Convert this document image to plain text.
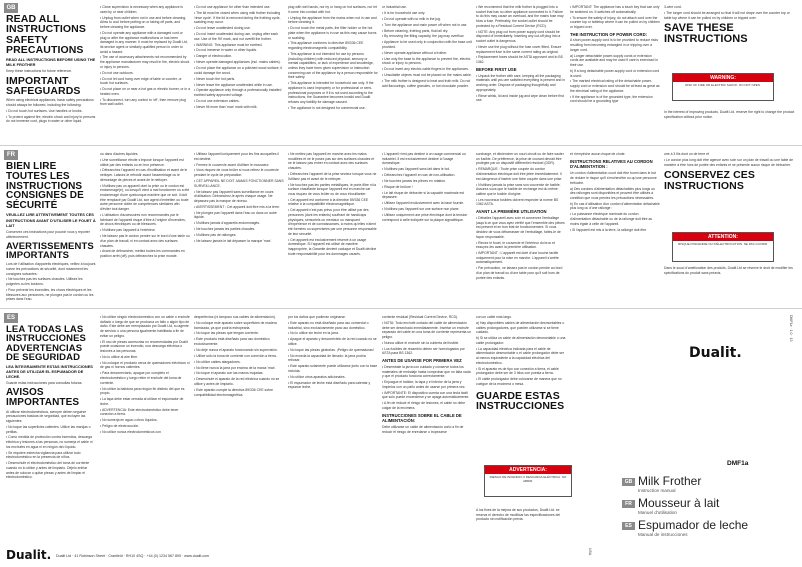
GB
FR
ES
READ ALL
INSTRUCTIONS
SAFETY
PRECAUTIONS
READ ALL INSTRUCTIONS BEFORE USING THE MILK FROTHER

Keep these instructions for future reference.

IMPORTANT
SAFEGUARDS

When using electrical appliances, basic safety precautions should always be followed, including the following:

• Do not touch hot surfaces. Use handles or knobs.

• To protect against fire, electric shock and injury to persons do not immerse cord, plugs in water or other liquid.

• Close supervision is necessary when any appliance is used by or near children.

• Unplug from outlet when not in use and before cleaning. Allow to cool before putting on or taking off parts, and before cleaning the appliance.

• Do not operate any appliance with a damaged cord or plug or after the appliance malfunctions or has been damaged in any manner. It must be replaced by Dualit Ltd, its service agent or similarly qualified person in order to avoid a hazard.

• The use of accessory attachments not recommended by the appliance manufacturer may result in fire, electric shock or injury to persons.

• Do not use outdoors.

• Do not let cord hang over edge of table or counter, or touch hot surfaces.

• Do not place on or near a hot gas or electric burner, or in a heated oven.

• To disconnect, turn any control to 'off', then remove plug from wall outlet.

• Do not use appliance for other than intended use.

• The lid must be closed when using milk frother including 'rinse cycle'. If the lid is removed during the frothing cycle, scalding may occur.

• Do not leave unattended during use.

• Do not insert unattended during use, unplug after each use. Use of the 'fill' mark, and not overfill the frother.

• WARNING: This appliance must be earthed.

• Do not immerse in water or other liquids.

• Danger of electrocution.

• Never operate damaged appliances (incl. mains cables).

• Do not place the appliance on a polished wood surface; it could damage the wood.

• Never touch the hot parts.

• Never leave the appliance unattended while in use.

• Operate appliance only through a professionally installed earthed safety approved voltage.

• Do not use extension cables.

• Never fill more than 'max' mark with milk.

plug with wet hands, nor by or hang on hot surfaces, nor let it come into contact with hot.

• Unplug the appliance from the mains when not in use and before cleaning it.

• Do not touch the metal parts, the filter holder or the hot plate when the appliance is in use as this may cause burns or scalding.

• This appliance conforms to directive 89/336 CEE regarding electromagnetic compatibility.

• This appliance is not intended for use by persons (including children) with reduced physical, sensory or mental capabilities, or lack of experience and knowledge, unless they have been given supervision or instruction concerning use of the appliance by a person responsible for their safety.

• This appliance is intended for household use only. If the appliance is used improperly or for professional or semi-professional purposes or if it is not used according to the instructions, the Guarantee becomes invalid and Dualit refuses any liability for damage caused.

• The appliance is not designed for commercial use.

or industrial use.

• It is for household use only.

• Do not operate with no milk in the jug.

• Turn the appliance and main power off when not in use.

• Before cleaning, frothing parts, fluid all dry.

• By removing the filling capacity, the jug may overflow.

• Appliance to be used only in conjunction with the base unit provided.

• Never operate appliance without a frother.

• Use only the base to the appliance to prevent fire, electric shock or injury to persons.

• Do not invert any electric cable fingers in the appliances.

• Unsuitable objects must not be placed on the mains cable.

• The milk frother is designed to heat and froth milk. Do not add flavourings, coffee granules, or hot chocolate powder.

• We recommend that the milk frother is plugged into a socket that has no other appliance connected to it. Failure to do this may cause an overload, and the mains fuse may blow a fuse. Preferably, the socket outlet should be protected by a Residual Current Device (RCD).

• NOTE: Any plug cut from power supply cord should be disposed of immediately. Inserting any cut-off plug into a socket outlet is dangerous.

• Never use the plug without the fuse cover fitted. Ensure replacement fuse is the same current rating as original.

• Replacement fuses should be ASTA approved and to BS 1362.

BEFORE FIRST USE

• Unpack the frother with care, keeping all the packaging materials until you are satisfied everything is present and in working order. Dispose of packaging thoughtfully and appropriately.

• Rinse whisk, lid and inside jug and wipe clean before first use.

• IMPORTANT: The appliance has a touch key that can only be switched on. It switches off automatically.

• To ensure the safety of injury, do not attach cord over the counter top or tabletop where it can be pulled on by children or tripped over.

THE INSTRUCTION OF POWER CORD:

A short power-supply cord is to be provided to reduce risks resulting from becoming entangled in or tripping over a longer cord.

a) Longer detachable power-supply cords or extension cords are available and may be used if care is exercised in their use.

b) If a long detachable power-supply cord or extension cord is used:

• The marked electrical rating of the detachable power-supply cord or extension cord should be at least as great as the electrical rating of the appliance.

• If the appliance is of the grounded type, the extension cord should be a grounding type

3-wire cord.

• The longer cord should be arranged so that it will not drape over the counter top or table top where it can be pulled on by children or tripped over.

SAVE THESE
INSTRUCTIONS
WARNING:
RISK OF FIRE OR ELECTRIC SHOCK. DO NOT OPEN.

In the interest of improving products, Dualit Ltd. reserve the right to change the product specification without prior notice.

BIEN LIRE
TOUTES LES
INSTRUCTIONS
CONSIGNES DE
SÉCURITÉ
VEUILLEZ LIRE ATTENTIVEMENT TOUTES CES INSTRUCTIONS AVANT D'UTILISER LE FOUET À LAIT

Conservez ces instructions pour pouvoir vous y reporter ultérieurement.

AVERTISSEMENTS
IMPORTANTS

Lors de l'utilisation d'appareils électriques, veillez à toujours suivre les précautions de sécurité, dont notamment les consignes suivantes :

• Ne touchez pas les surfaces chaudes. Utilisez les poignées ou les boutons.

• Pour prévenir les incendies, les chocs électriques et les blessures aux personnes, ne plongez pas le cordon ou les prises dans l'eau.

ou dans d'autres liquides.

• Une surveillance étroite s'impose lorsque l'appareil est utilisé par des enfants ou en leur présence.

• Débranchez l'appareil en cas d'inutilisation et avant de le nettoyer. Laissez-le refroidir avant l'assemblage ou le démontage de pièces et avant de le nettoyer.

• N'utilisez pas un appareil dont la prise ou le cordon est endommagé(e), ou lorsqu'il vient à mal fonctionner ou a été endommagé d'une quelconque manière que ce soit. Il doit être remplacé par Dualit Ltd, son agent d'entretien ou toute autre personne dotée de compétences similaires afin d'éviter tout danger.

• L'utilisation d'accessoires non recommandés par le fabricant de l'appareil risque d'être à l'origine d'incendies, de chocs électriques ou de blessures.

• N'utilisez pas l'appareil à l'extérieur.

• Ne laissez pas le cordon pendre sur le bord d'une table ou d'un plan de travail, ni en contact avec des surfaces chaudes.

• Avant de débrancher, mettez toutes les commandes en position arrêt (off), puis débranchez la prise murale.

• Utilisez l'appareil uniquement pour les fins auxquelles il est destiné.

• Fermez le couvercle avant d'utiliser le mousseur.

• Vous risquez de vous brûler si vous retirez le couvercle pendant le cycle de préparation.

• CET APPAREIL NE DOIT JAMAIS FONCTIONNER SANS SURVEILLANCE.

• Ne laissez pas l'appareil sans surveillance en cours d'utilisation. Débranchez-le après chaque usage. Ne dépassez pas la marque de niveau.

• AVERTISSEMENT : Cet appareil doit être mis à la terre.

• Ne plongez pas l'appareil dans l'eau ou dans un autre liquide.

• N'utilisez jamais d'appareils endommagés.

• Ne touchez jamais les parties chaudes.

• N'utilisez pas de rallonges.

• Ne laissez jamais le lait dépasser la marque 'max'.

• Ne mettez pas l'appareil en marche avec les mains mouillées et ne le posez pas sur des surfaces chaudes et ne le laissez pas entrer en contact avec des surfaces chaudes.

• Débranchez l'appareil de la prise secteur lorsque vous ne l'utilisez pas et avant de le nettoyer.

• Ne touchez pas les parties métalliques, le porte-filtre ni la surface chauffante lorsque l'appareil est en marche car vous risquez de vous brûler ou de vous ébouillanter.

• Cet appareil est conforme à la directive 89/336 CEE relative à la compatibilité électromagnétique.

• Cet appareil n'est pas prévu pour être utilisé par des personnes (dont les enfants) souffrant de handicaps physiques, sensoriels ou mentaux ou manquant d'expérience et de connaissances, à moins qu'elles n'aient été formées ou supervisées par une personne responsable de leur sécurité.

• Cet appareil est exclusivement réservé à un usage domestique. Si l'appareil est utilisé de manière inappropriée, la Garantie devient caduque et Dualit décline toute responsabilité pour les dommages causés.

• L'appareil n'est pas destiné à un usage commercial ou industriel. Il est exclusivement destiné à l'usage domestique.

• N'utilisez pas l'appareil sans lait dans le bol.

• Débranchez l'appareil en cas de non-utilisation.

• Ne touchez jamais les pièces en rotation.

• Risque de brûlure !

• Le lait risque de déborder si la capacité maximale est dépassée.

• Utilisez l'appareil exclusivement avec la base fournie.

• N'utilisez pas l'appareil sur une surface non plane.

• Utilisez uniquement une prise électrique dont la tension correspond à celle indiquée sur la plaque signalétique.

surcharge, et déclencher un court-circuit ou de faire sauter un fusible. De préférence, la prise de courant devrait être protégée par un dispositif différentiel résiduel (DDR).

• REMARQUE : Toute prise coupée du cordon d'alimentation électrique doit être jetée immédiatement. Il est dangereux d'insérer une fiche coupée dans une prise.

• N'utilisez jamais la prise sans son couvercle de fusible. Assurez-vous que le fusible de rechange est du même calibre que le fusible d'origine.

• Les nouveaux fusibles doivent respecter la norme BS 1362 ASTA.

AVANT LA PREMIÈRE UTILISATION

• Déballez l'appareil avec soin et conservez l'emballage jusqu'à ce que vous ayez vérifié que l'ensemble des pièces est présent et en bon état de fonctionnement. Si vous décidez de vous débarrasser de l'emballage, faites-le de façon responsable.

• Rincez le fouet, le couvercle et l'intérieur du broc et essuyez-les avant la première utilisation.

• IMPORTANT : L'appareil est doté d'une touche tactile uniquement pour la mise en marche. L'appareil s'arrête automatiquement.

• Par précaution, ne laissez pas le cordon pendre au bord d'un plan de travail ou d'une table pour qu'il soit hors de portée des enfants.

et n'empêche aucun risque de chute.

INSTRUCTIONS RELATIVES AU CORDON D'ALIMENTATION :

Un cordon d'alimentation court doit être fourni dans le but de réduire le risque qu'il s'enchevêtre ou qu'une personne trébuche.

a) Des cordons d'alimentation détachables plus longs ou des rallonges sont disponibles et peuvent être utilisés à condition que vous preniez les précautions nécessaires.

b) En cas d'utilisation d'un cordon d'alimentation détachable plus long ou d'une rallonge :

• La puissance électrique nominale du cordon d'alimentation détachable ou de la rallonge doit être au moins égale à celle de l'appareil.

• Si l'appareil est mis à la terre, la rallonge doit être

une à 3 fils dont un de terre et

• Le cordon plus long doit être agencé avec soin sur un plan de travail ou une table de manière à être hors de portée des enfants et ne présente aucun risque de trébucher.

CONSERVEZ CES
INSTRUCTIONS
ATTENTION:
RISQUE D'INCENDIE OU D'ÉLECTROCUTION. NE PAS OUVRIR.

Dans le souci d'amélioration des produits, Dualit Ltd se réserve le droit de modifier les spécifications du produit sans préavis.

LEA TODAS LAS
INSTRUCCIONES
ADVERTENCIAS
DE SEGURIDAD
LEA ÍNTEGRAMENTE ESTAS INSTRUCCIONES ANTES DE UTILIZAR EL ESPUMADOR DE LECHE.

Guarde estas instrucciones para consultas futuras.

AVISOS
IMPORTANTES

Al utilizar electrodomésticos, siempre deben seguirse precauciones básicas de seguridad, que incluyen las siguientes:

• No toque las superficies calientes. Utilice las manijas o perillas.

• Como medida de protección contra incendios, descarga eléctrica y lesiones a las personas, no sumerja el cable ni los enchufes en agua ni en ningún otro líquido.

• Se requiere estrecha vigilancia para utilizar todo electrodoméstico en la presencia de niños.

• Desenchufe el electrodoméstico del toma de corriente cuando no lo utilice y antes de limpiarlo. Déjelo enfriar antes de colocar o quitar piezas y antes de limpiar el electrodoméstico.

• No utilice ningún electrodoméstico con un cable o enchufe dañado o luego de que se produzca un fallo o algún tipo de daño. Este debe ser reemplazado por Dualit Ltd, su agente de servicio o una persona igualmente habilitada a fin de evitar un peligro.

• El uso de piezas accesorias no recomendadas por Dualit puede ocasionar un incendio, una descarga eléctrica o lesiones a las personas.

• No lo utilice al aire libre.

• No coloque el producto cerca de quemadores eléctricos ni de gas ni hornos calientes.

• Para desconectarlo, apague por completo el electrodoméstico y luego retire el enchufe del toma de corriente.

• No utilice la batidora para ningún fin distinto del que es propio.

• La tapa debe estar cerrada al utilizar el espumador de leche.

• ADVERTENCIA: Este electrodoméstico debe tener conexión a tierra.

• No sumerja en agua u otros líquidos.

• Peligro de electrocución.

• No utilice nunca electrodomésticos con

desperfectos (ni tampoco sus cables de alimentación).

• No coloque este aparato sobre superficies de madera barnizada, ya que podría estropearla.

• No toque las piezas que tengan corriente.

• Este producto está diseñado para uso doméstico exclusivamente.

• No deje nunca el aparato funcionando sin supervisión.

• Utilice sólo la toma de corriente con conexión a tierra.

• No utilice cables alargadores.

• No llene nunca la jarra por encima de la marca 'max'.

• No toque el aparato con las manos mojadas.

• Desenchufe el aparato de la red eléctrica cuando no se utilice y antes de limpiarlo.

• Este aparato cumple la directiva 89/336 CEE sobre compatibilidad electromagnética.

por los daños que pudieran originarse.

• Este aparato no está diseñado para uso comercial o industrial, sino exclusivamente para uso doméstico.

• No lo utilice sin leche en la jarra.

• Apague el aparato y desconéctelo de la red cuando no se utilice.

• No toque las piezas giratorias. ¡Peligro de quemaduras!

• No exceda la capacidad de llenado: la jarra podría rebosar.

• Este aparato solamente puede utilizarse junto con la base incluida.

• No utilice otros aparatos adicionales.

• El espumador de leche está diseñado para calentar y espumar leche.

corriente residual (Residual Current Device, RCD).

• NOTA: Todo enchufe cortado del cable de alimentación debe ser desechado inmediatamente. Insertar un enchufe separado del cable en una toma de corriente representa un peligro.

• Nunca utilice el enchufe sin la cubierta del fusible.

• Los fusibles de recambio deben ser homologados por ASTA para BS 1362.

ANTES DE USARSE POR PRIMERA VEZ

• Desembale la jarra con cuidado y conserve todos los materiales de embalaje hasta comprobar que no falta nada y que el producto funciona correctamente.

• Enjuague el batidor, la tapa y el interior de la jarra y límpielos con un paño antes de usarse por primera vez.

• IMPORTANTE: El dispositivo cuenta con una tecla táctil que solo puede encenderse y se apaga automáticamente.

• A fin de reducir el riesgo de lesiones, el cable no debe colgar de la encimera.

INSTRUCCIONES SOBRE EL CABLE DE ALIMENTACIÓN:

Debe utilizarse un cable de alimentación corto a fin de reducir el riesgo de enredarse o tropezarse

con un cable más largo.

a) Hay disponibles cables de alimentación desmontables o cables prolongadores, que pueden utilizarse si se tiene cuidado.

b) Si se utiliza un cable de alimentación desmontable o una cable prolongador:

• La capacidad eléctrica indicada para el cable de alimentación desmontable o el cable prolongador debe ser al menos equivalente a la capacidad eléctrica del electrodoméstico.

• Si el aparato es de tipo con conexión a tierra, el cable prolongador debe ser de 3 hilos con puesta a tierra.

• El cable prolongador debe colocarse de manera que no cuelgue de la encimera o mesa.

GUARDE ESTAS
INSTRUCCIONES
ADVERTENCIA:
RIESGO DE INCENDIO O DESCARGA ELÉCTRICA. NO ABRIR.

A los fines de la mejora de sus productos, Dualit Ltd. se reserva el derecho de modificar las especificaciones del producto sin notificación previa.

Dualit.
DMF1a · 1.0 · 13
DMF1a
GB Milk Frother
Instruction manual
FR Mousseur à lait
Manuel d'utilisation
ES Espumador de leche
Manual de instrucciones
Dualit. Dualit Ltd · 41 Robinson Street · Cranfield · RH10 4SQ · +44 (0) 1234 567 890 · www.dualit.com
USA
